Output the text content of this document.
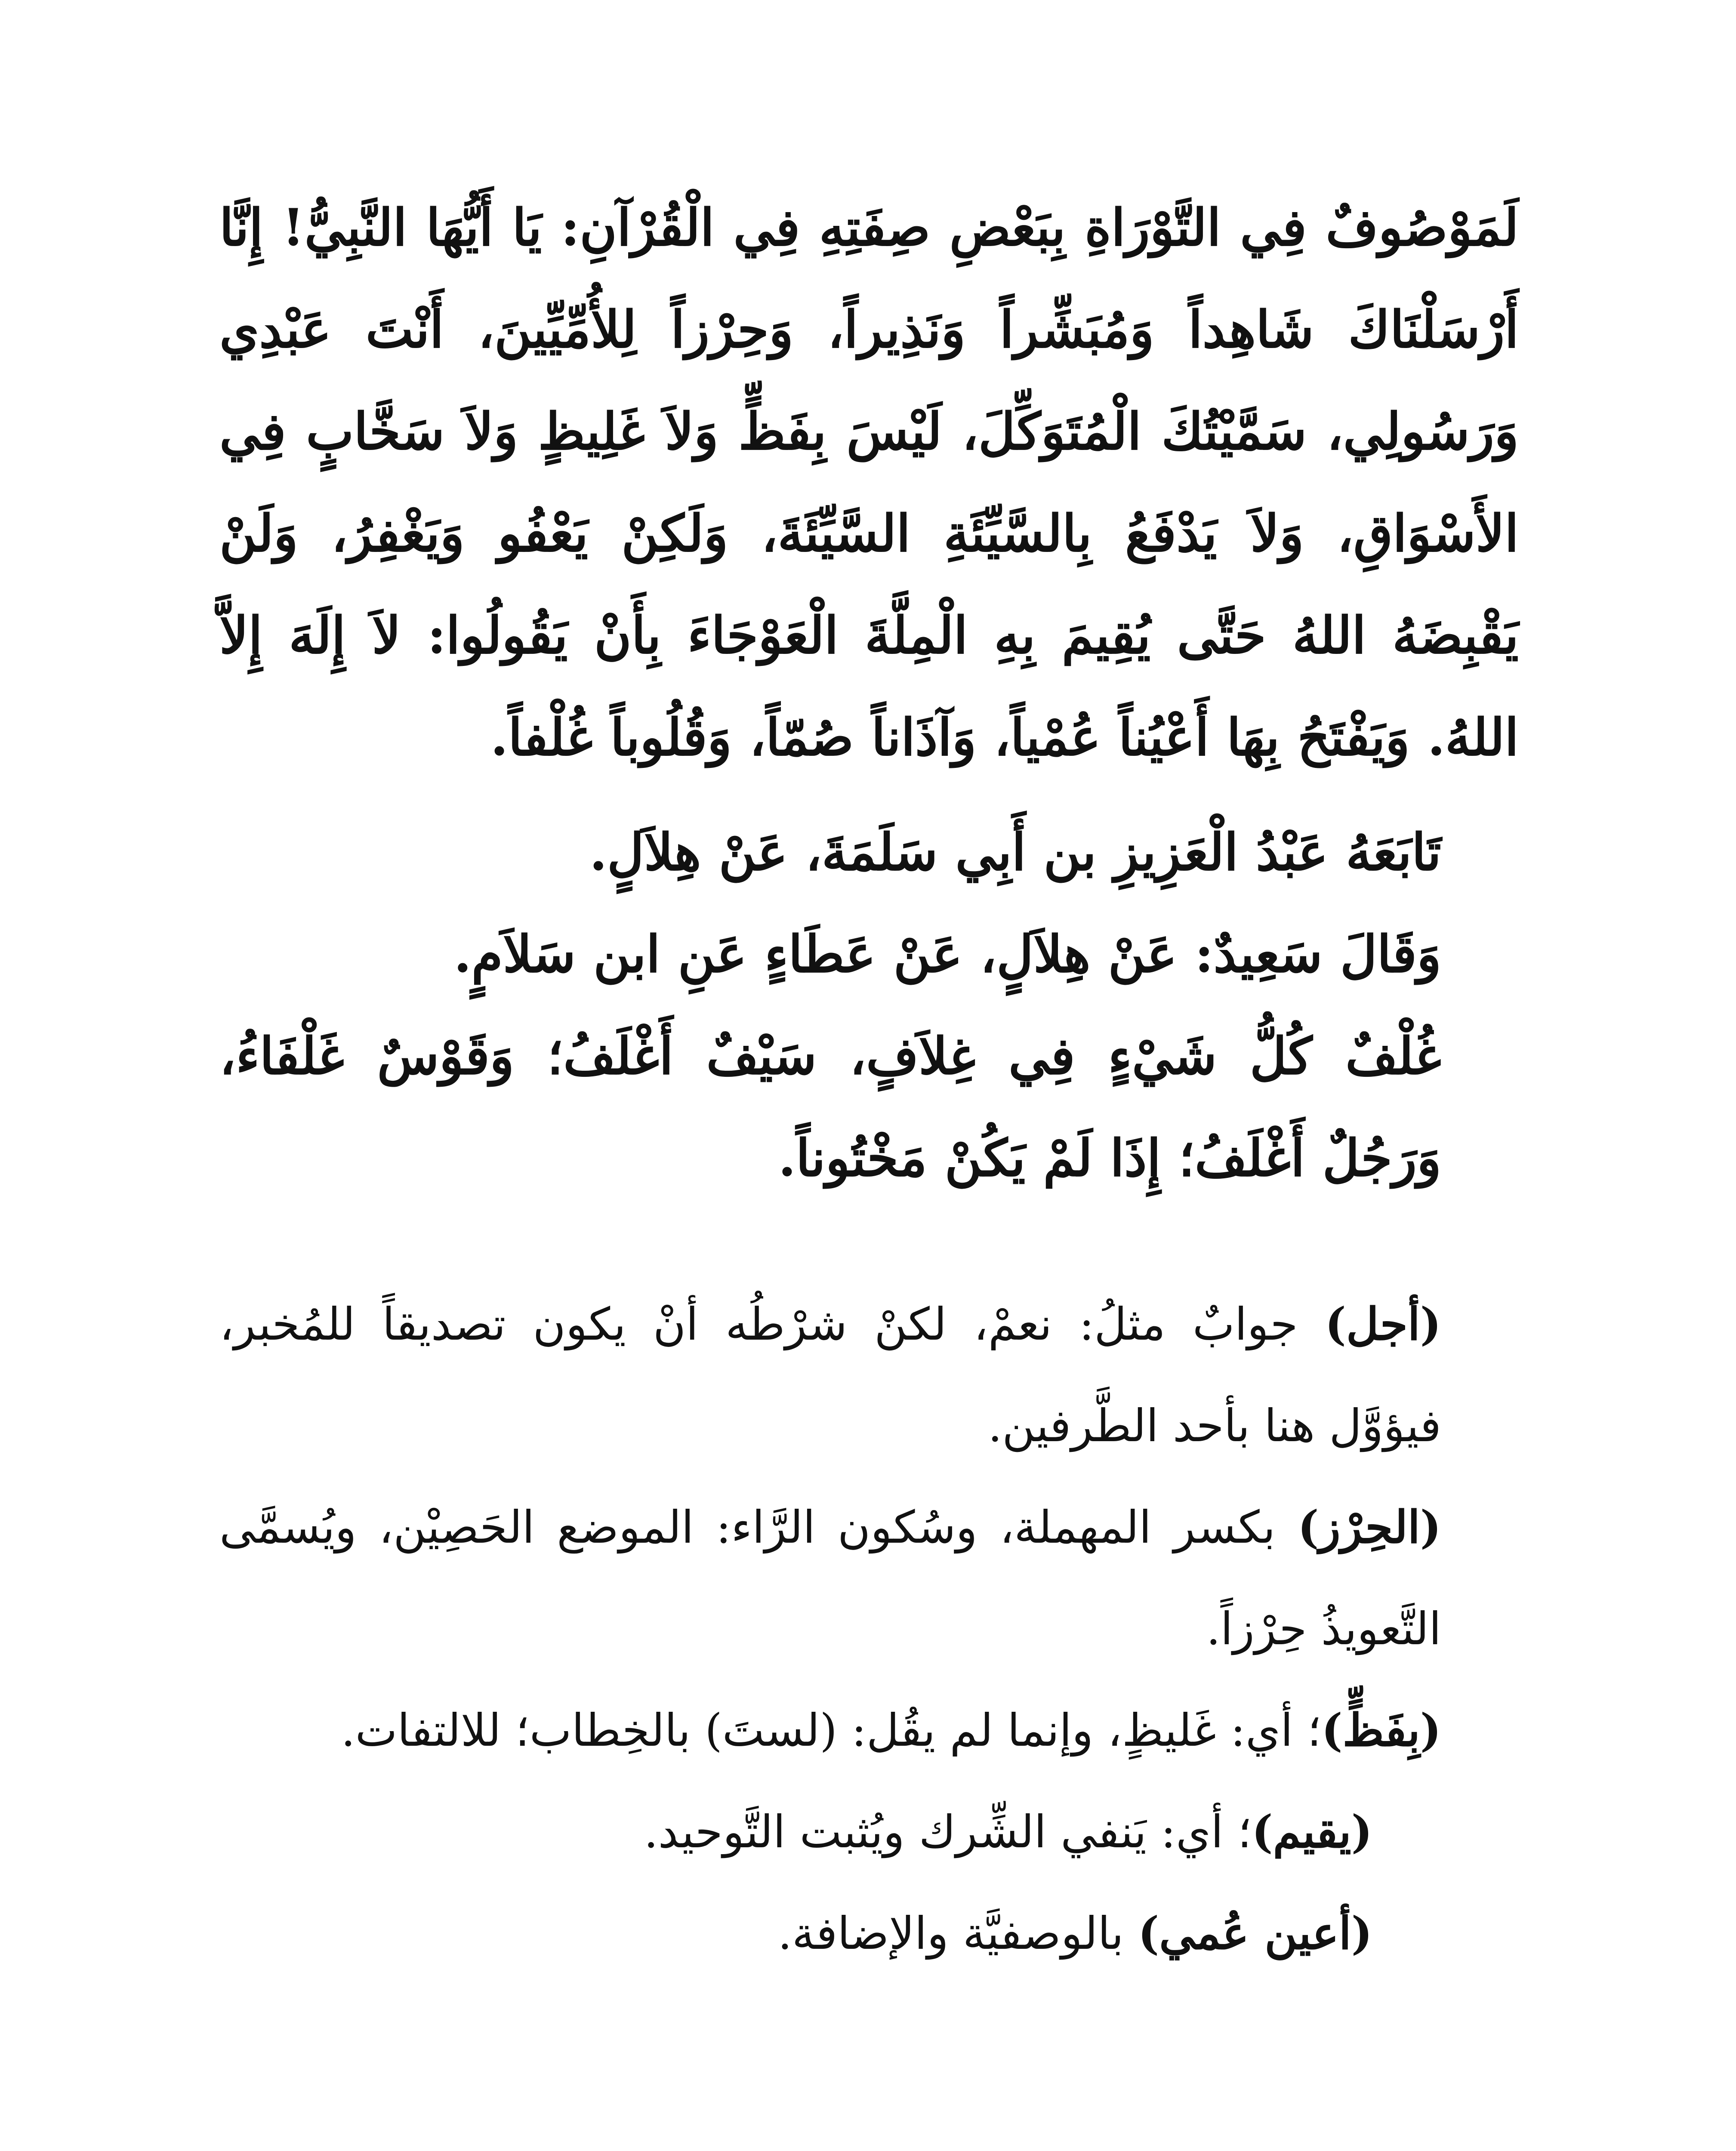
لَمَوْصُوفٌ فِي التَّوْرَاةِ بِبَعْضِ صِفَتِهِ فِي الْقُرْآنِ: يَا أَيُّهَا النَّبِيُّ! إِنَّا أَرْسَلْنَاكَ شَاهِداً وَمُبَشِّراً وَنَذِيراً، وَحِرْزاً لِلأُمِّيِّينَ، أَنْتَ عَبْدِي وَرَسُولِي، سَمَّيْتُكَ الْمُتَوَكِّلَ، لَيْسَ بِفَظٍّ وَلاَ غَلِيظٍ وَلاَ سَخَّابٍ فِي الأَسْوَاقِ، وَلاَ يَدْفَعُ بِالسَّيِّئَةِ السَّيِّئَةَ، وَلَكِنْ يَعْفُو وَيَغْفِرُ، وَلَنْ يَقْبِضَهُ اللهُ حَتَّى يُقِيمَ بِهِ الْمِلَّةَ الْعَوْجَاءَ بِأَنْ يَقُولُوا: لاَ إِلَهَ إِلاَّ اللهُ. وَيَفْتَحُ بِهَا أَعْيُناً عُمْياً، وَآذَاناً صُمّاً، وَقُلُوباً غُلْفاً.

تَابَعَهُ عَبْدُ الْعَزِيزِ بن أَبِي سَلَمَةَ، عَنْ هِلاَلٍ.

وَقَالَ سَعِيدٌ: عَنْ هِلاَلٍ، عَنْ عَطَاءٍ عَنِ ابن سَلاَمٍ.

غُلْفٌ كُلُّ شَيْءٍ فِي غِلاَفٍ، سَيْفٌ أَغْلَفُ؛ وَقَوْسٌ غَلْفَاءُ، وَرَجُلٌ أَغْلَفُ؛ إِذَا لَمْ يَكُنْ مَخْتُوناً.

(أجل) جوابٌ مثلُ: نعمْ، لكنْ شرْطُه أنْ يكون تصديقاً للمُخبر، فيؤوَّل هنا بأحد الطَّرفين.

(الحِرْز) بكسر المهملة، وسُكون الرَّاء: الموضع الحَصِيْن، ويُسمَّى التَّعويذُ حِرْزاً.

(بِفَظٍّ)؛ أي: غَليظٍ، وإنما لم يقُل: (لستَ) بالخِطاب؛ للالتفات.

(يقيم)؛ أي: يَنفي الشِّرك ويُثبت التَّوحيد.

(أعين عُمي) بالوصفيَّة والإضافة.
